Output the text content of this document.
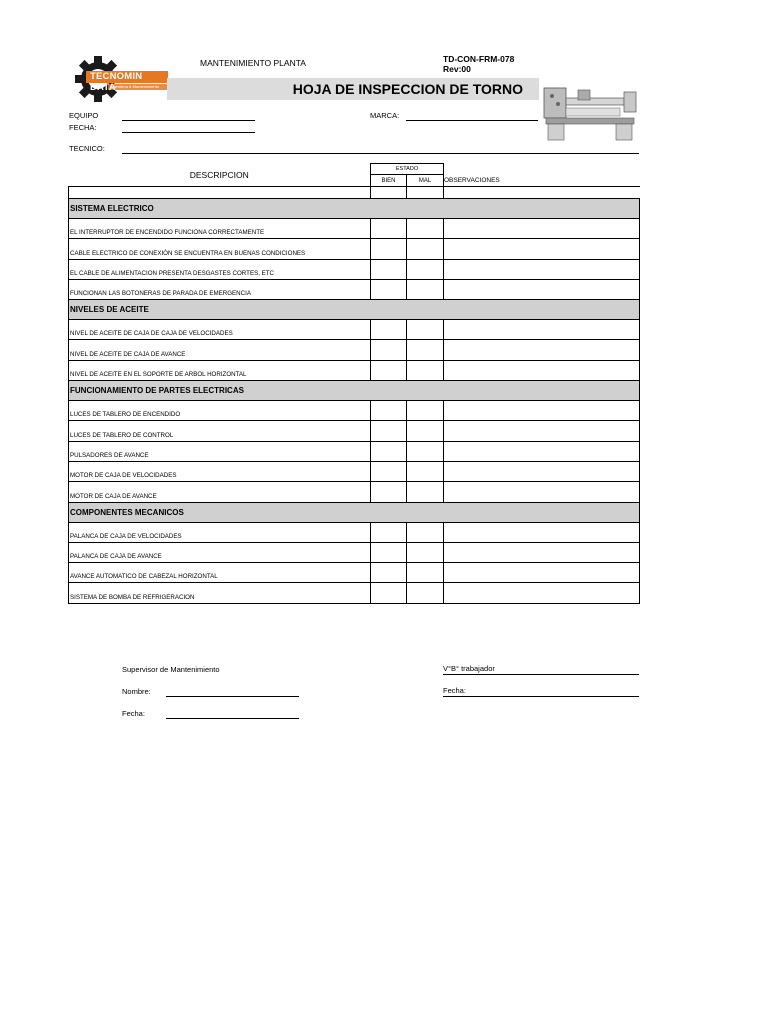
TECNOMIN DATA
Ingeniería & Mantenimiento
MANTENIMIENTO PLANTA	TD-CON-FRM-078
Rev:00
HOJA DE INSPECCION DE TORNO
EQUIPO
FECHA:
MARCA:
TECNICO:
DESCRIPCION	ESTADO		
	BIEN	MAL	OBSERVACIONES

SISTEMA ELECTRICO			
EL INTERRUPTOR DE ENCENDIDO FUNCIONA CORRECTAMENTE			
CABLE ELECTRICO DE CONEXIÓN SE ENCUENTRA EN BUENAS CONDICIONES			
EL CABLE DE ALIMENTACION PRESENTA DESGASTES CORTES, ETC			
FUNCIONAN LAS BOTONERAS DE PARADA DE EMERGENCIA			
NIVELES DE ACEITE			
NIVEL DE ACEITE DE CAJA DE CAJA DE VELOCIDADES			
NIVEL DE ACEITE DE CAJA DE AVANCE			
NIVEL DE ACEITE EN EL SOPORTE DE ARBOL HORIZONTAL			
FUNCIONAMIENTO DE PARTES ELECTRICAS			
LUCES DE TABLERO DE ENCENDIDO			
LUCES DE TABLERO DE CONTROL			
PULSADORES DE AVANCE			
MOTOR DE CAJA DE VELOCIDADES			
MOTOR DE CAJA DE AVANCE			
COMPONENTES MECANICOS			
PALANCA DE CAJA DE VELOCIDADES			
PALANCA DE CAJA DE AVANCE			
AVANCE AUTOMATICO DE CABEZAL HORIZONTAL			
SISTEMA DE BOMBA DE REFRIGERACION			
Supervisor de Mantenimiento
Nombre:
Fecha:
V°B° trabajador
Fecha:
